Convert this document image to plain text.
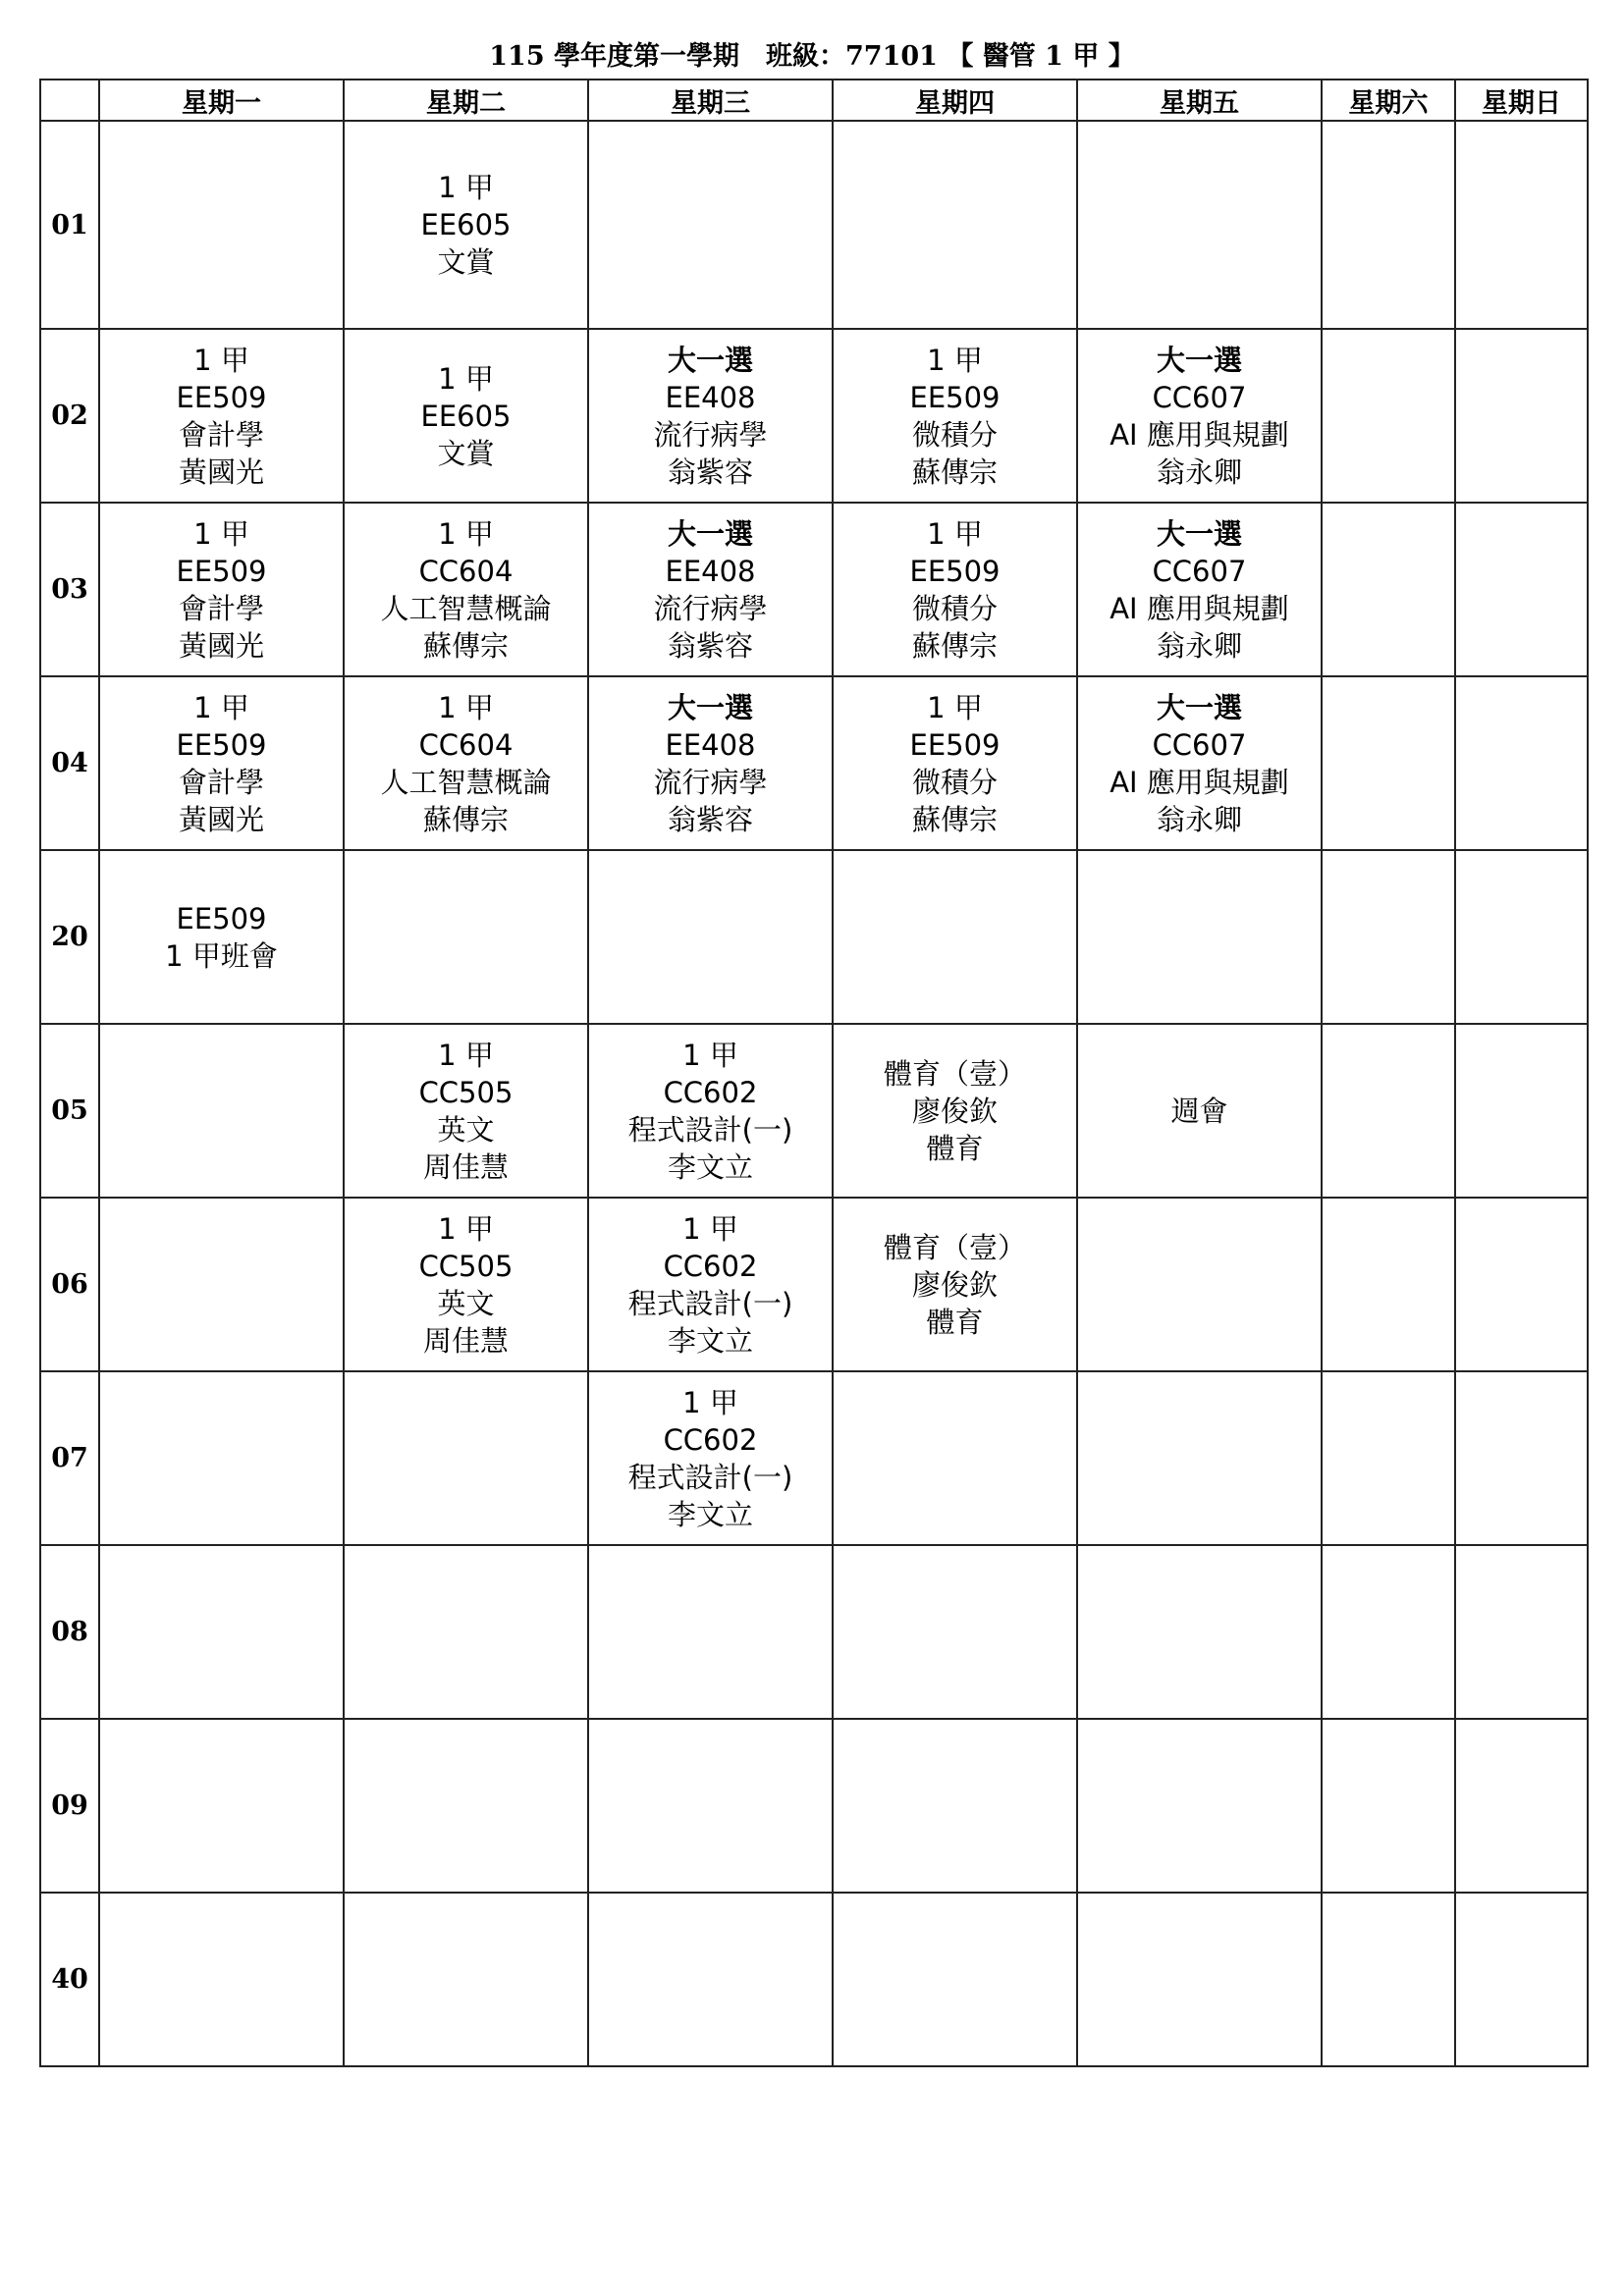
115 學年度第一學期　班級：77101 【 醫管 1 甲 】
	星期一	星期二	星期三	星期四	星期五	星期六	星期日
01		1 甲
EE605
文賞					

02	1 甲
EE509
會計學
黃國光	1 甲
EE605
文賞	大一選
EE408
流行病學
翁紫容	1 甲
EE509
微積分
蘇傳宗	大一選
CC607
AI 應用與規劃
翁永卿		

03	1 甲
EE509
會計學
黃國光	1 甲
CC604
人工智慧概論
蘇傳宗	大一選
EE408
流行病學
翁紫容	1 甲
EE509
微積分
蘇傳宗	大一選
CC607
AI 應用與規劃
翁永卿		

04	1 甲
EE509
會計學
黃國光	1 甲
CC604
人工智慧概論
蘇傳宗	大一選
EE408
流行病學
翁紫容	1 甲
EE509
微積分
蘇傳宗	大一選
CC607
AI 應用與規劃
翁永卿		

20	EE509
1 甲班會						

05		1 甲
CC505
英文
周佳慧	1 甲
CC602
程式設計(一)
李文立	體育（壹）
廖俊欽
體育	週會		

06		1 甲
CC505
英文
周佳慧	1 甲
CC602
程式設計(一)
李文立	體育（壹）
廖俊欽
體育			

07			1 甲
CC602
程式設計(一)
李文立				

08							
09							
40							
